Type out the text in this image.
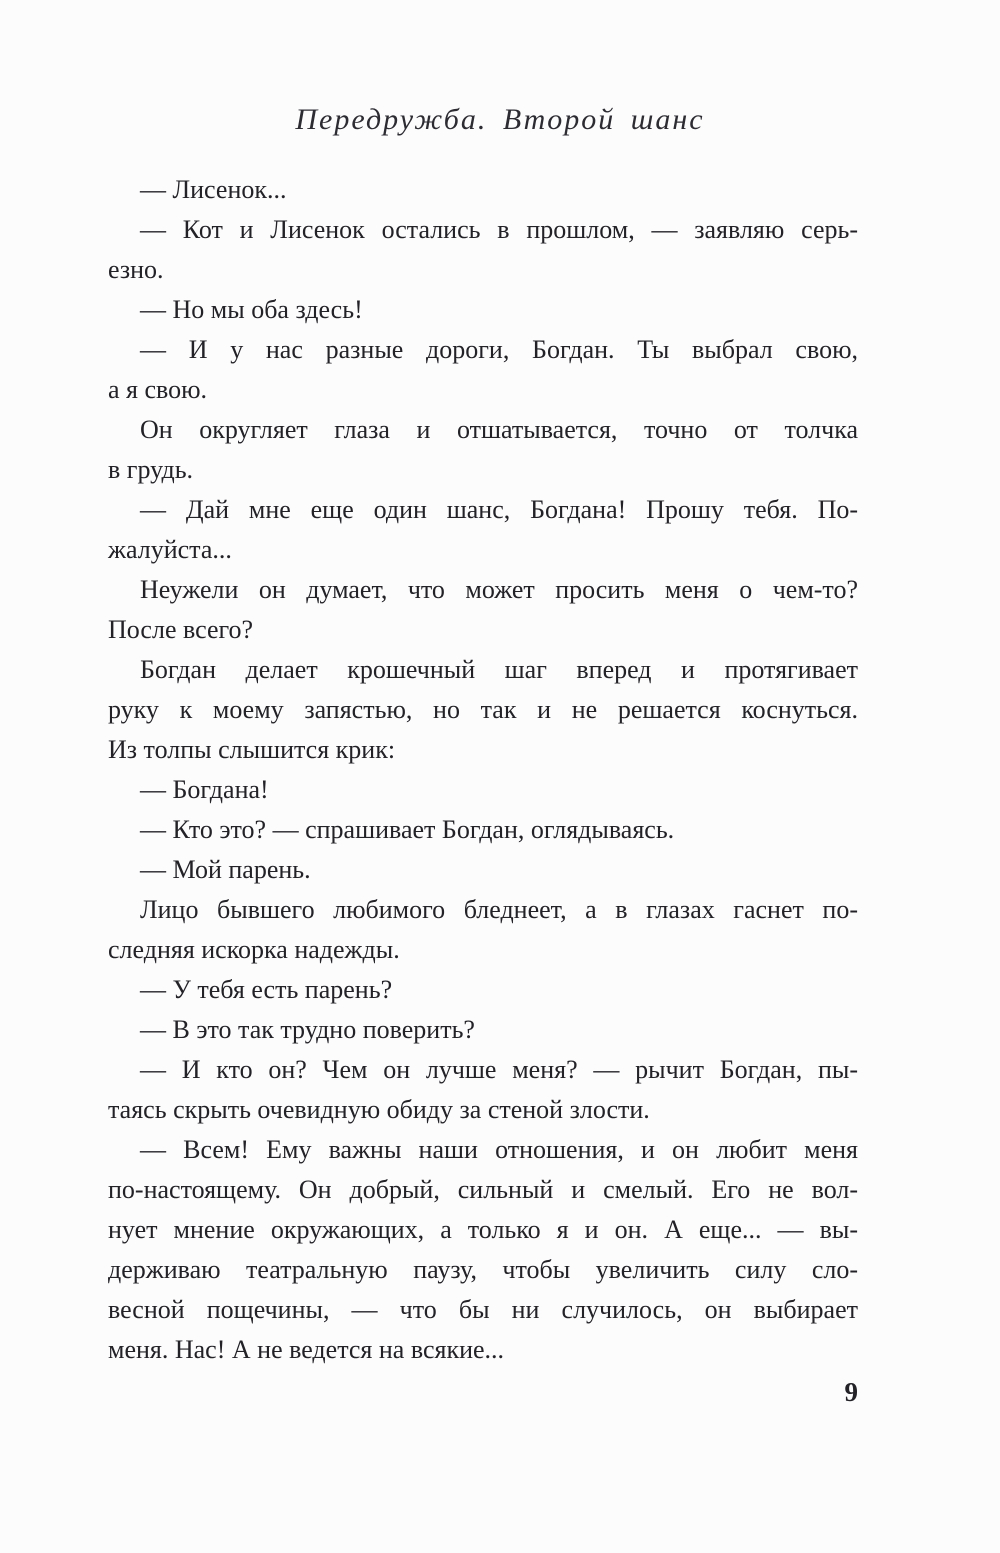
Передружба. Второй шанс
— Лисенок...
— Кот и Лисенок остались в прошлом, — заявляю серь-
езно.
— Но мы оба здесь!
— И у нас разные дороги, Богдан. Ты выбрал свою,
а я свою.
Он округляет глаза и отшатывается, точно от толчка
в грудь.
— Дай мне еще один шанс, Богдана! Прошу тебя. По-
жалуйста...
Неужели он думает, что может просить меня о чем-то?
После всего?
Богдан делает крошечный шаг вперед и протягивает
руку к моему запястью, но так и не решается коснуться.
Из толпы слышится крик:
— Богдана!
— Кто это? — спрашивает Богдан, оглядываясь.
— Мой парень.
Лицо бывшего любимого бледнеет, а в глазах гаснет по-
следняя искорка надежды.
— У тебя есть парень?
— В это так трудно поверить?
— И кто он? Чем он лучше меня? — рычит Богдан, пы-
таясь скрыть очевидную обиду за стеной злости.
— Всем! Ему важны наши отношения, и он любит меня
по-настоящему. Он добрый, сильный и смелый. Его не вол-
нует мнение окружающих, а только я и он. А еще... — вы-
держиваю театральную паузу, чтобы увеличить силу сло-
весной пощечины, — что бы ни случилось, он выбирает
меня. Нас! А не ведется на всякие...
9
